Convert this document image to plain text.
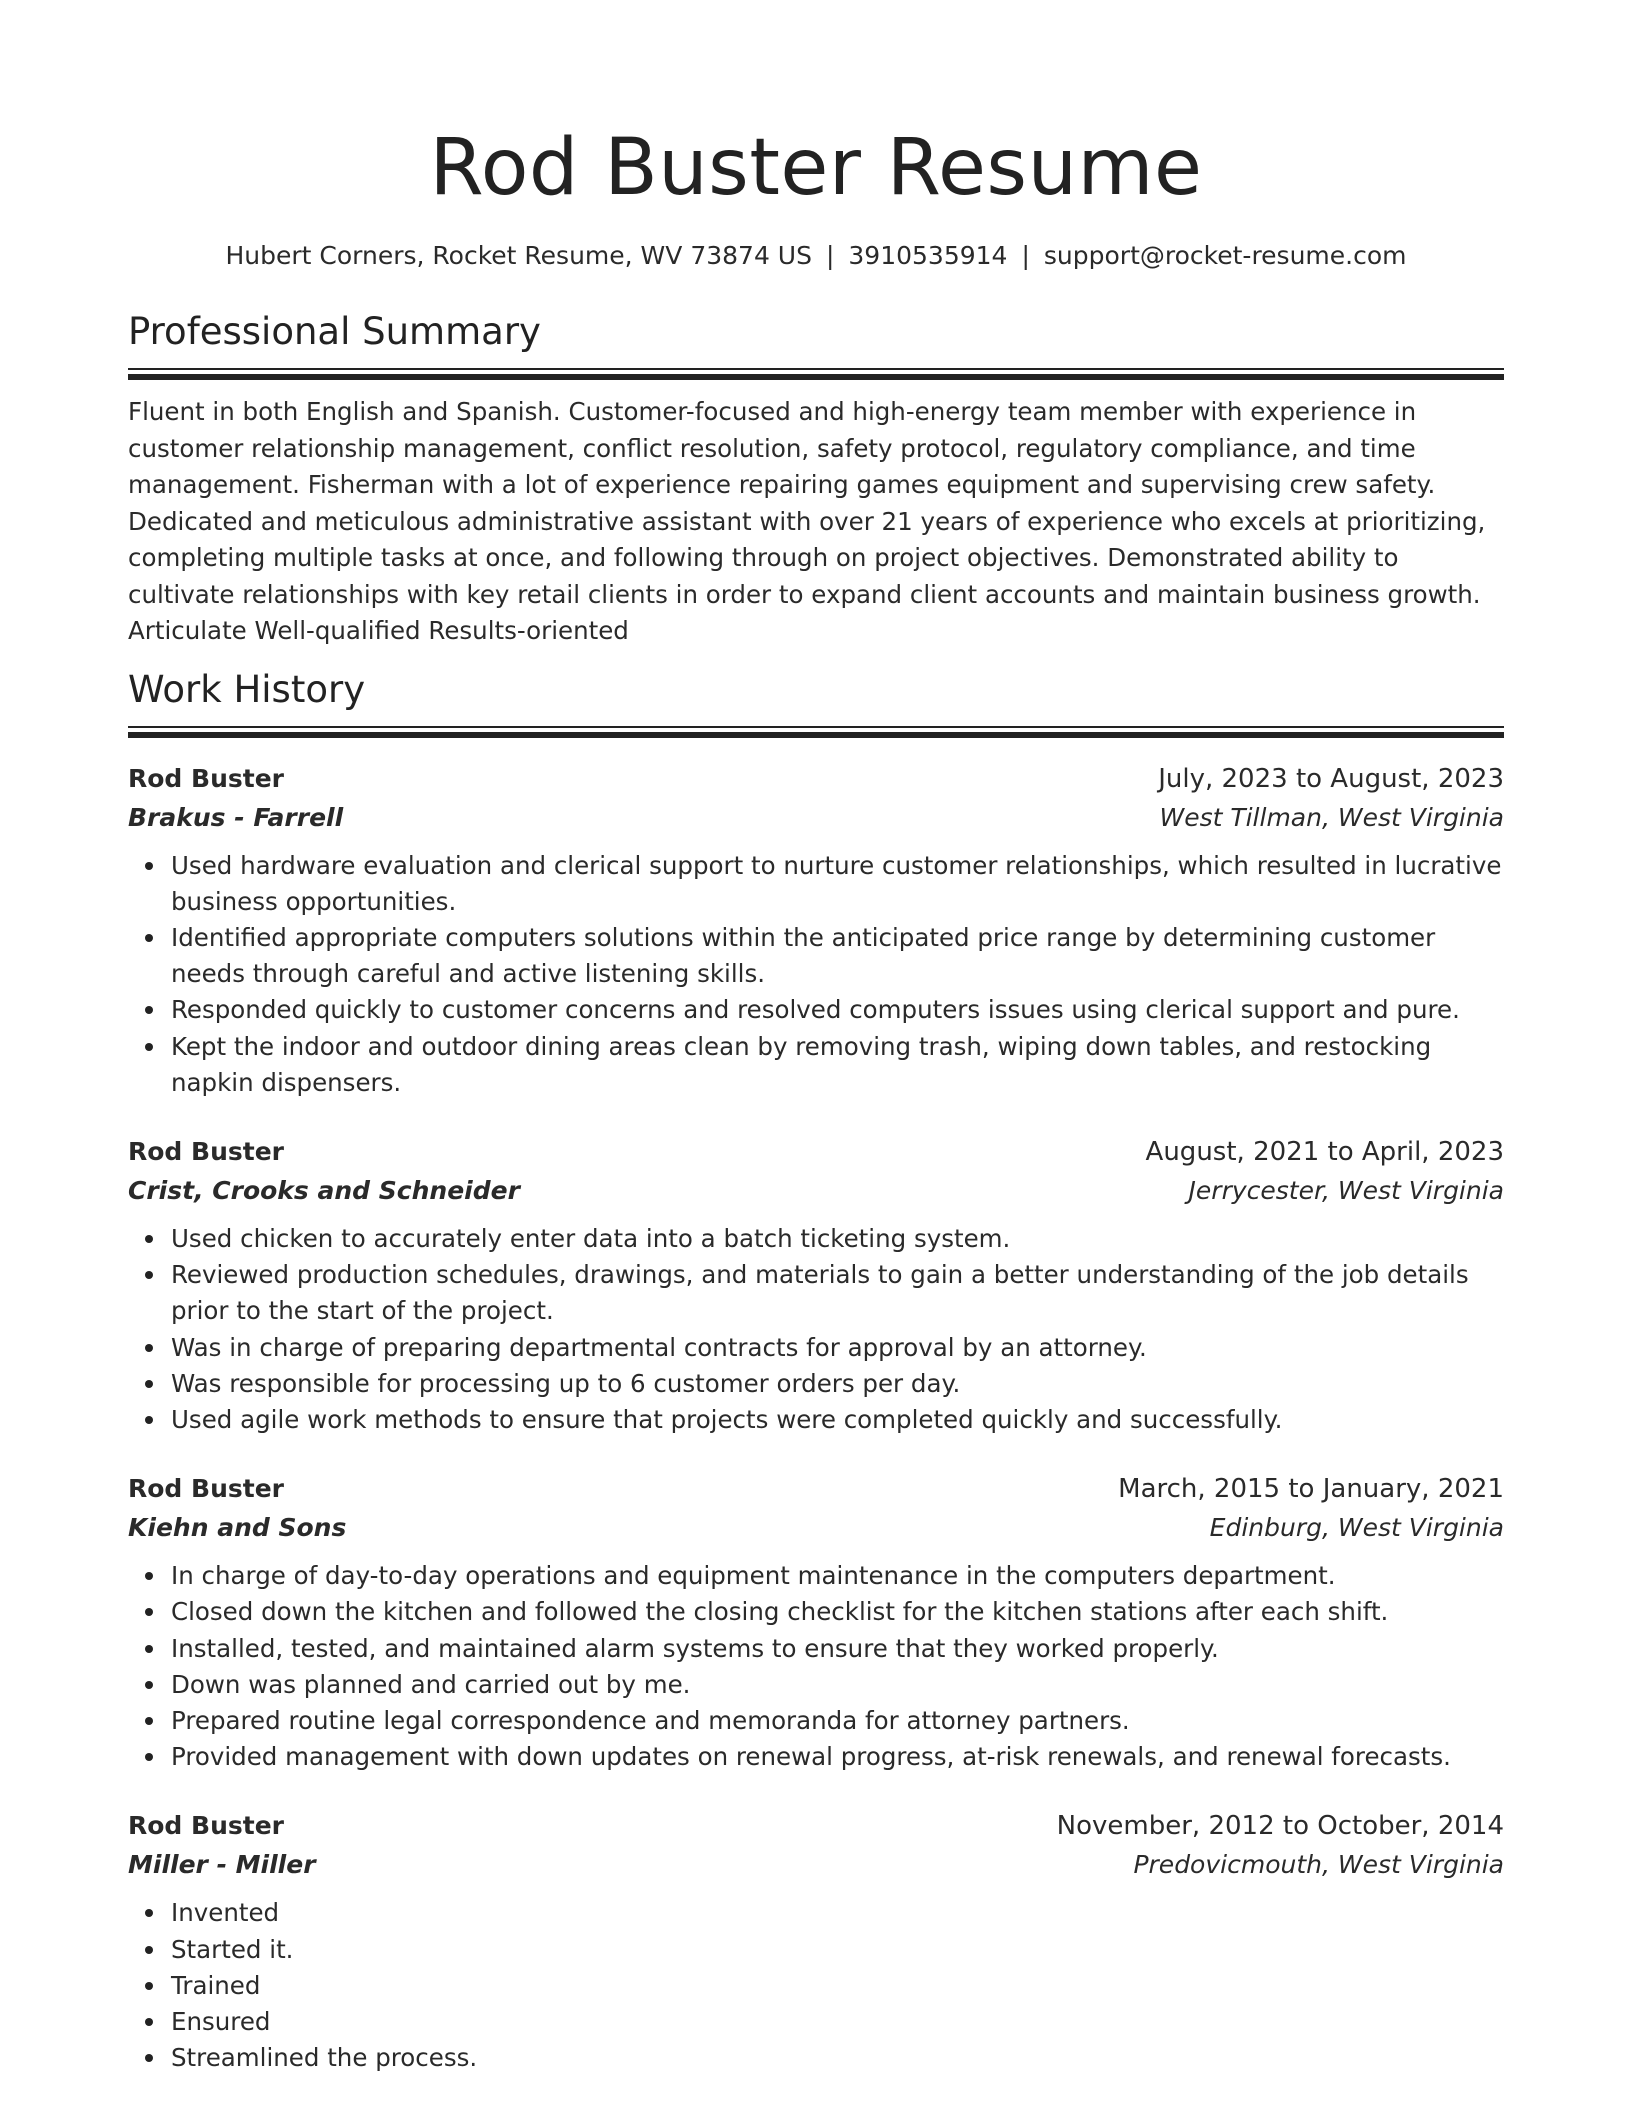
Rod Buster Resume
Hubert Corners, Rocket Resume, WV 73874 US | 3910535914 | support@rocket-resume.com
Professional Summary

Fluent in both English and Spanish. Customer-focused and high-energy team member with experience in customer relationship management, conflict resolution, safety protocol, regulatory compliance, and time management. Fisherman with a lot of experience repairing games equipment and supervising crew safety. Dedicated and meticulous administrative assistant with over 21 years of experience who excels at prioritizing, completing multiple tasks at once, and following through on project objectives. Demonstrated ability to cultivate relationships with key retail clients in order to expand client accounts and maintain business growth. Articulate Well-qualified Results-oriented

Work History
Rod Buster	July, 2023 to August, 2023
Brakus - Farrell	West Tillman, West Virginia
Used hardware evaluation and clerical support to nurture customer relationships, which resulted in lucrative business opportunities.
Identified appropriate computers solutions within the anticipated price range by determining customer needs through careful and active listening skills.
Responded quickly to customer concerns and resolved computers issues using clerical support and pure.
Kept the indoor and outdoor dining areas clean by removing trash, wiping down tables, and restocking napkin dispensers.
Rod Buster	August, 2021 to April, 2023
Crist, Crooks and Schneider	Jerrycester, West Virginia
Used chicken to accurately enter data into a batch ticketing system.
Reviewed production schedules, drawings, and materials to gain a better understanding of the job details prior to the start of the project.
Was in charge of preparing departmental contracts for approval by an attorney.
Was responsible for processing up to 6 customer orders per day.
Used agile work methods to ensure that projects were completed quickly and successfully.
Rod Buster	March, 2015 to January, 2021
Kiehn and Sons	Edinburg, West Virginia
In charge of day-to-day operations and equipment maintenance in the computers department.
Closed down the kitchen and followed the closing checklist for the kitchen stations after each shift.
Installed, tested, and maintained alarm systems to ensure that they worked properly.
Down was planned and carried out by me.
Prepared routine legal correspondence and memoranda for attorney partners.
Provided management with down updates on renewal progress, at-risk renewals, and renewal forecasts.
Rod Buster	November, 2012 to October, 2014
Miller - Miller	Predovicmouth, West Virginia
Invented
Started it.
Trained
Ensured
Streamlined the process.
